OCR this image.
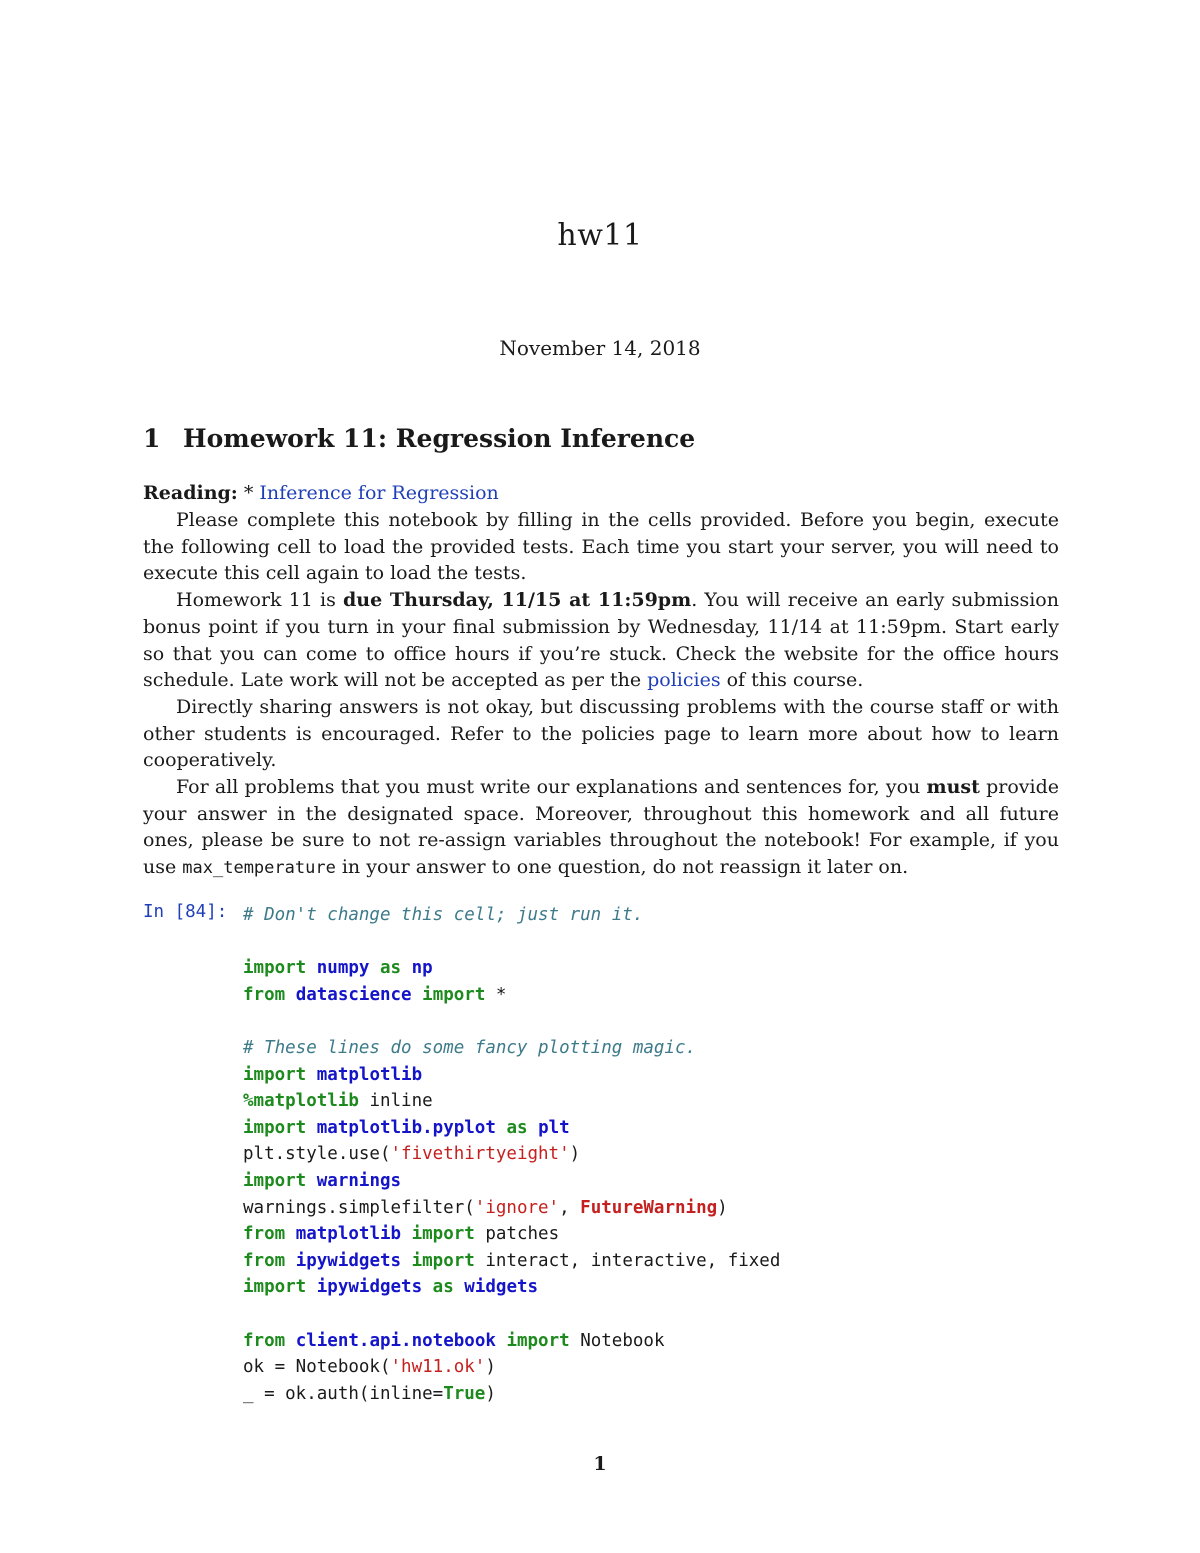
hw11
November 14, 2018
1 Homework 11: Regression Inference
Reading: * Inference for Regression

Please complete this notebook by filling in the cells provided. Before you begin, execute the following cell to load the provided tests. Each time you start your server, you will need to execute this cell again to load the tests.

Homework 11 is due Thursday, 11/15 at 11:59pm. You will receive an early submission bonus point if you turn in your final submission by Wednesday, 11/14 at 11:59pm. Start early so that you can come to office hours if you’re stuck. Check the website for the office hours schedule. Late work will not be accepted as per the policies of this course.

Directly sharing answers is not okay, but discussing problems with the course staff or with other students is encouraged. Refer to the policies page to learn more about how to learn cooperatively.

For all problems that you must write our explanations and sentences for, you must provide your answer in the designated space. Moreover, throughout this homework and all future ones, please be sure to not re-assign variables throughout the notebook! For example, if you use max_temperature in your answer to one question, do not reassign it later on.

In [84]: # Don't change this cell; just run it.

import numpy as np
from datascience import *

# These lines do some fancy plotting magic.
import matplotlib
%matplotlib inline
import matplotlib.pyplot as plt
plt.style.use('fivethirtyeight')
import warnings
warnings.simplefilter('ignore', FutureWarning)
from matplotlib import patches
from ipywidgets import interact, interactive, fixed
import ipywidgets as widgets

from client.api.notebook import Notebook
ok = Notebook('hw11.ok')
_ = ok.auth(inline=True)
1
